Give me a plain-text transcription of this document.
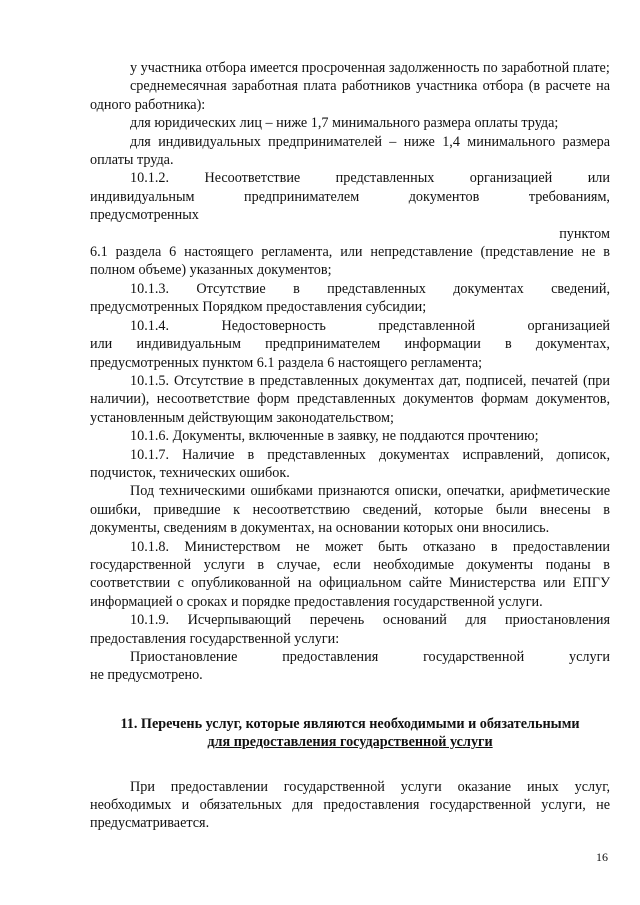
у участника отбора имеется просроченная задолженность по заработной плате;

среднемесячная заработная плата работников участника отбора (в расчете на одного работника):

для юридических лиц – ниже 1,7 минимального размера оплаты труда;

для индивидуальных предпринимателей – ниже 1,4 минимального размера оплаты труда.

10.1.2. Несоответствие представленных организацией или
индивидуальным	предпринимателем	документов	требованиям,
предусмотренных

пунктом

6.1 раздела 6 настоящего регламента, или непредставление (представление не в полном объеме) указанных документов;

10.1.3. Отсутствие в представленных документах сведений,

предусмотренных Порядком предоставления субсидии;

10.1.4.	Недостоверность	представленной	организацией
или индивидуальным предпринимателем информации в документах,

предусмотренных пунктом 6.1 раздела 6 настоящего регламента;

10.1.5. Отсутствие в представленных документах дат, подписей, печатей (при наличии), несоответствие форм представленных документов формам документов, установленным действующим законодательством;

10.1.6. Документы, включенные в заявку, не поддаются прочтению;

10.1.7. Наличие в представленных документах исправлений, дописок, подчисток, технических ошибок.

Под техническими ошибками признаются описки, опечатки, арифметические ошибки, приведшие к несоответствию сведений, которые были внесены в документы, сведениям в документах, на основании которых они вносились.

10.1.8. Министерством не может быть отказано в предоставлении государственной услуги в случае, если необходимые документы поданы в соответствии с опубликованной на официальном сайте Министерства или ЕПГУ информацией о сроках и порядке предоставления государственной услуги.

10.1.9. Исчерпывающий перечень оснований для приостановления предоставления государственной услуги:

Приостановление	предоставления	государственной	услуги

не предусмотрено.

11. Перечень услуг, которые являются необходимыми и обязательными
для предоставления государственной услуги

При предоставлении государственной услуги оказание иных услуг, необходимых и обязательных для предоставления государственной услуги, не предусматривается.

16
